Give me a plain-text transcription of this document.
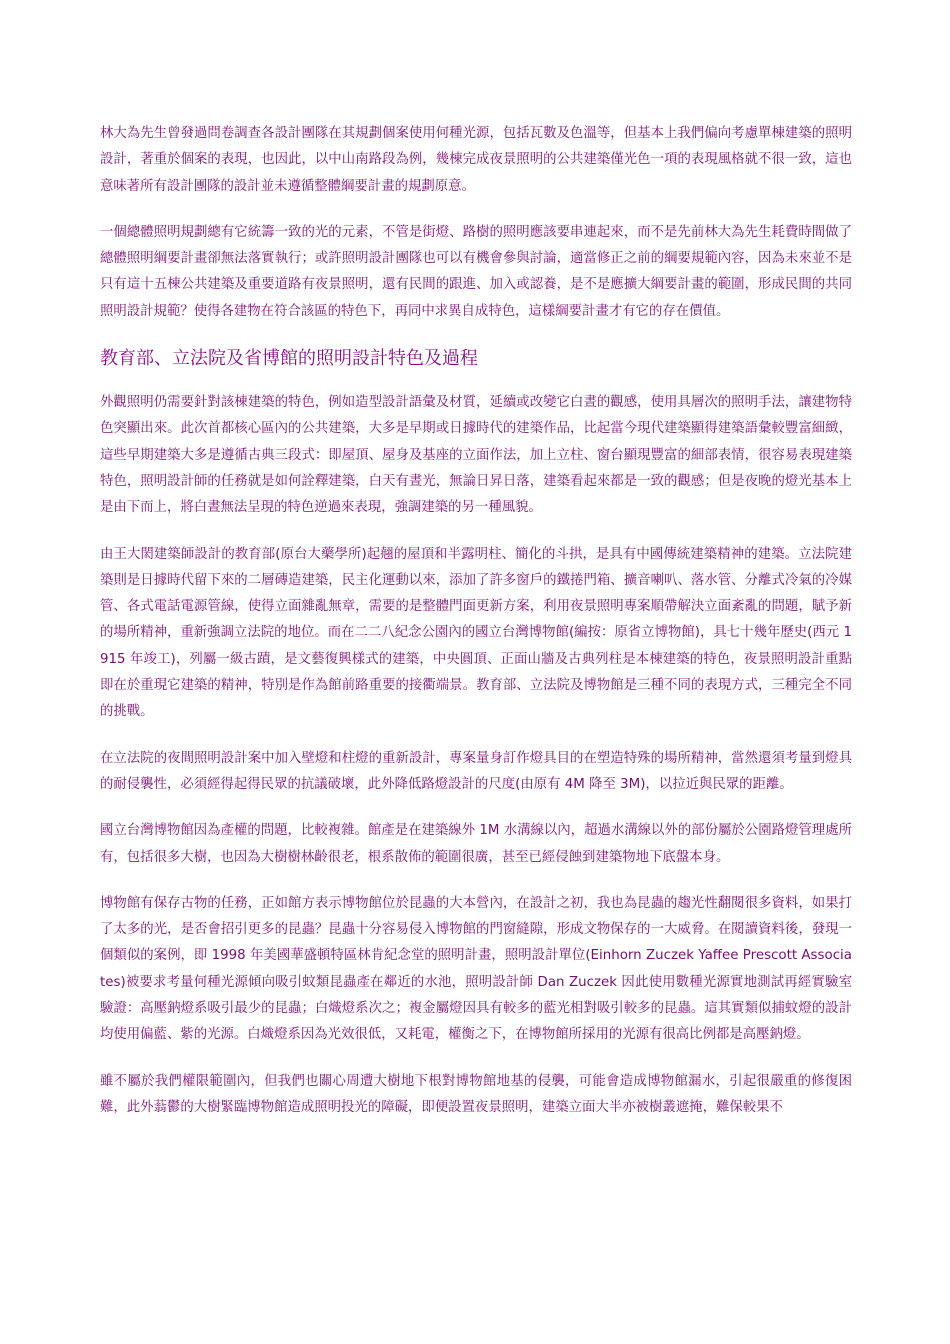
林大為先生曾發過問卷調查各設計團隊在其規劃個案使用何種光源，包括瓦數及色溫等，但基本上我們偏向考慮單棟建築的照明設計，著重於個案的表現，也因此，以中山南路段為例，幾棟完成夜景照明的公共建築僅光色一項的表現風格就不很一致，這也意味著所有設計團隊的設計並未遵循整體綱要計畫的規劃原意。

一個總體照明規劃總有它統籌一致的光的元素，不管是街燈、路樹的照明應該要串連起來，而不是先前林大為先生耗費時間做了總體照明綱要計畫卻無法落實執行；或許照明設計團隊也可以有機會參與討論，適當修正之前的綱要規範內容，因為未來並不是只有這十五棟公共建築及重要道路有夜景照明，還有民間的跟進、加入或認養，是不是應擴大綱要計畫的範圍，形成民間的共同照明設計規範？使得各建物在符合該區的特色下，再同中求異自成特色，這樣綱要計畫才有它的存在價值。

教育部、立法院及省博館的照明設計特色及過程

外觀照明仍需要針對該棟建築的特色，例如造型設計語彙及材質，延續或改變它白晝的觀感，使用具層次的照明手法，讓建物特色突顯出來。此次首都核心區內的公共建築，大多是早期或日據時代的建築作品，比起當今現代建築顯得建築語彙較豐富細緻，這些早期建築大多是遵循古典三段式：即屋頂、屋身及基座的立面作法，加上立柱、窗台顯現豐富的細部表情，很容易表現建築特色，照明設計師的任務就是如何詮釋建築，白天有晝光，無論日昇日落，建築看起來都是一致的觀感；但是夜晚的燈光基本上是由下而上，將白晝無法呈現的特色逆過來表現，強調建築的另一種風貌。

由王大閎建築師設計的教育部(原台大藥學所)起翹的屋頂和半露明柱、簡化的斗拱，是具有中國傳統建築精神的建築。立法院建築則是日據時代留下來的二層磚造建築，民主化運動以來，添加了許多窗戶的鐵捲門箱、擴音喇叭、落水管、分離式冷氣的冷媒管、各式電話電源管線，使得立面雜亂無章，需要的是整體門面更新方案，利用夜景照明專案順帶解決立面紊亂的問題，賦予新的場所精神，重新強調立法院的地位。而在二二八紀念公園內的國立台灣博物館(編按：原省立博物館)，具七十幾年歷史(西元 1915 年竣工)，列屬一級古蹟，是文藝復興樣式的建築，中央圓頂、正面山牆及古典列柱是本棟建築的特色，夜景照明設計重點即在於重現它建築的精神，特別是作為館前路重要的接衢端景。教育部、立法院及博物館是三種不同的表現方式，三種完全不同的挑戰。

在立法院的夜間照明設計案中加入壁燈和柱燈的重新設計，專案量身訂作燈具目的在塑造特殊的場所精神，當然還須考量到燈具的耐侵襲性，必須經得起得民眾的抗議破壞，此外降低路燈設計的尺度(由原有 4M 降至 3M)，以拉近與民眾的距離。

國立台灣博物館因為產權的問題，比較複雜。館產是在建築線外 1M 水溝線以內，超過水溝線以外的部份屬於公園路燈管理處所有，包括很多大樹，也因為大樹樹林齡很老，根系散佈的範圍很廣，甚至已經侵蝕到建築物地下底盤本身。

博物館有保存古物的任務，正如館方表示博物館位於昆蟲的大本營內，在設計之初，我也為昆蟲的趨光性翻閱很多資料，如果打了太多的光，是否會招引更多的昆蟲？昆蟲十分容易侵入博物館的門窗縫隙，形成文物保存的一大威脅。在閱讀資料後，發現一個類似的案例，即 1998 年美國華盛頓特區林肯紀念堂的照明計畫，照明設計單位(Einhorn Zuczek Yaffee Prescott Associates)被要求考量何種光源傾向吸引蚊類昆蟲產在鄰近的水池，照明設計師 Dan Zuczek 因此使用數種光源實地測試再經實驗室驗證：高壓鈉燈系吸引最少的昆蟲；白熾燈系次之；複金屬燈因具有較多的藍光相對吸引較多的昆蟲。這其實類似捕蚊燈的設計均使用偏藍、紫的光源。白熾燈系因為光效很低，又耗電，權衡之下，在博物館所採用的光源有很高比例都是高壓鈉燈。

雖不屬於我們權限範圍內，但我們也關心周遭大樹地下根對博物館地基的侵襲，可能會造成博物館漏水，引起很嚴重的修復困難，此外蓊鬱的大樹緊臨博物館造成照明投光的障礙，即便設置夜景照明，建築立面大半亦被樹叢遮掩，難保較果不
